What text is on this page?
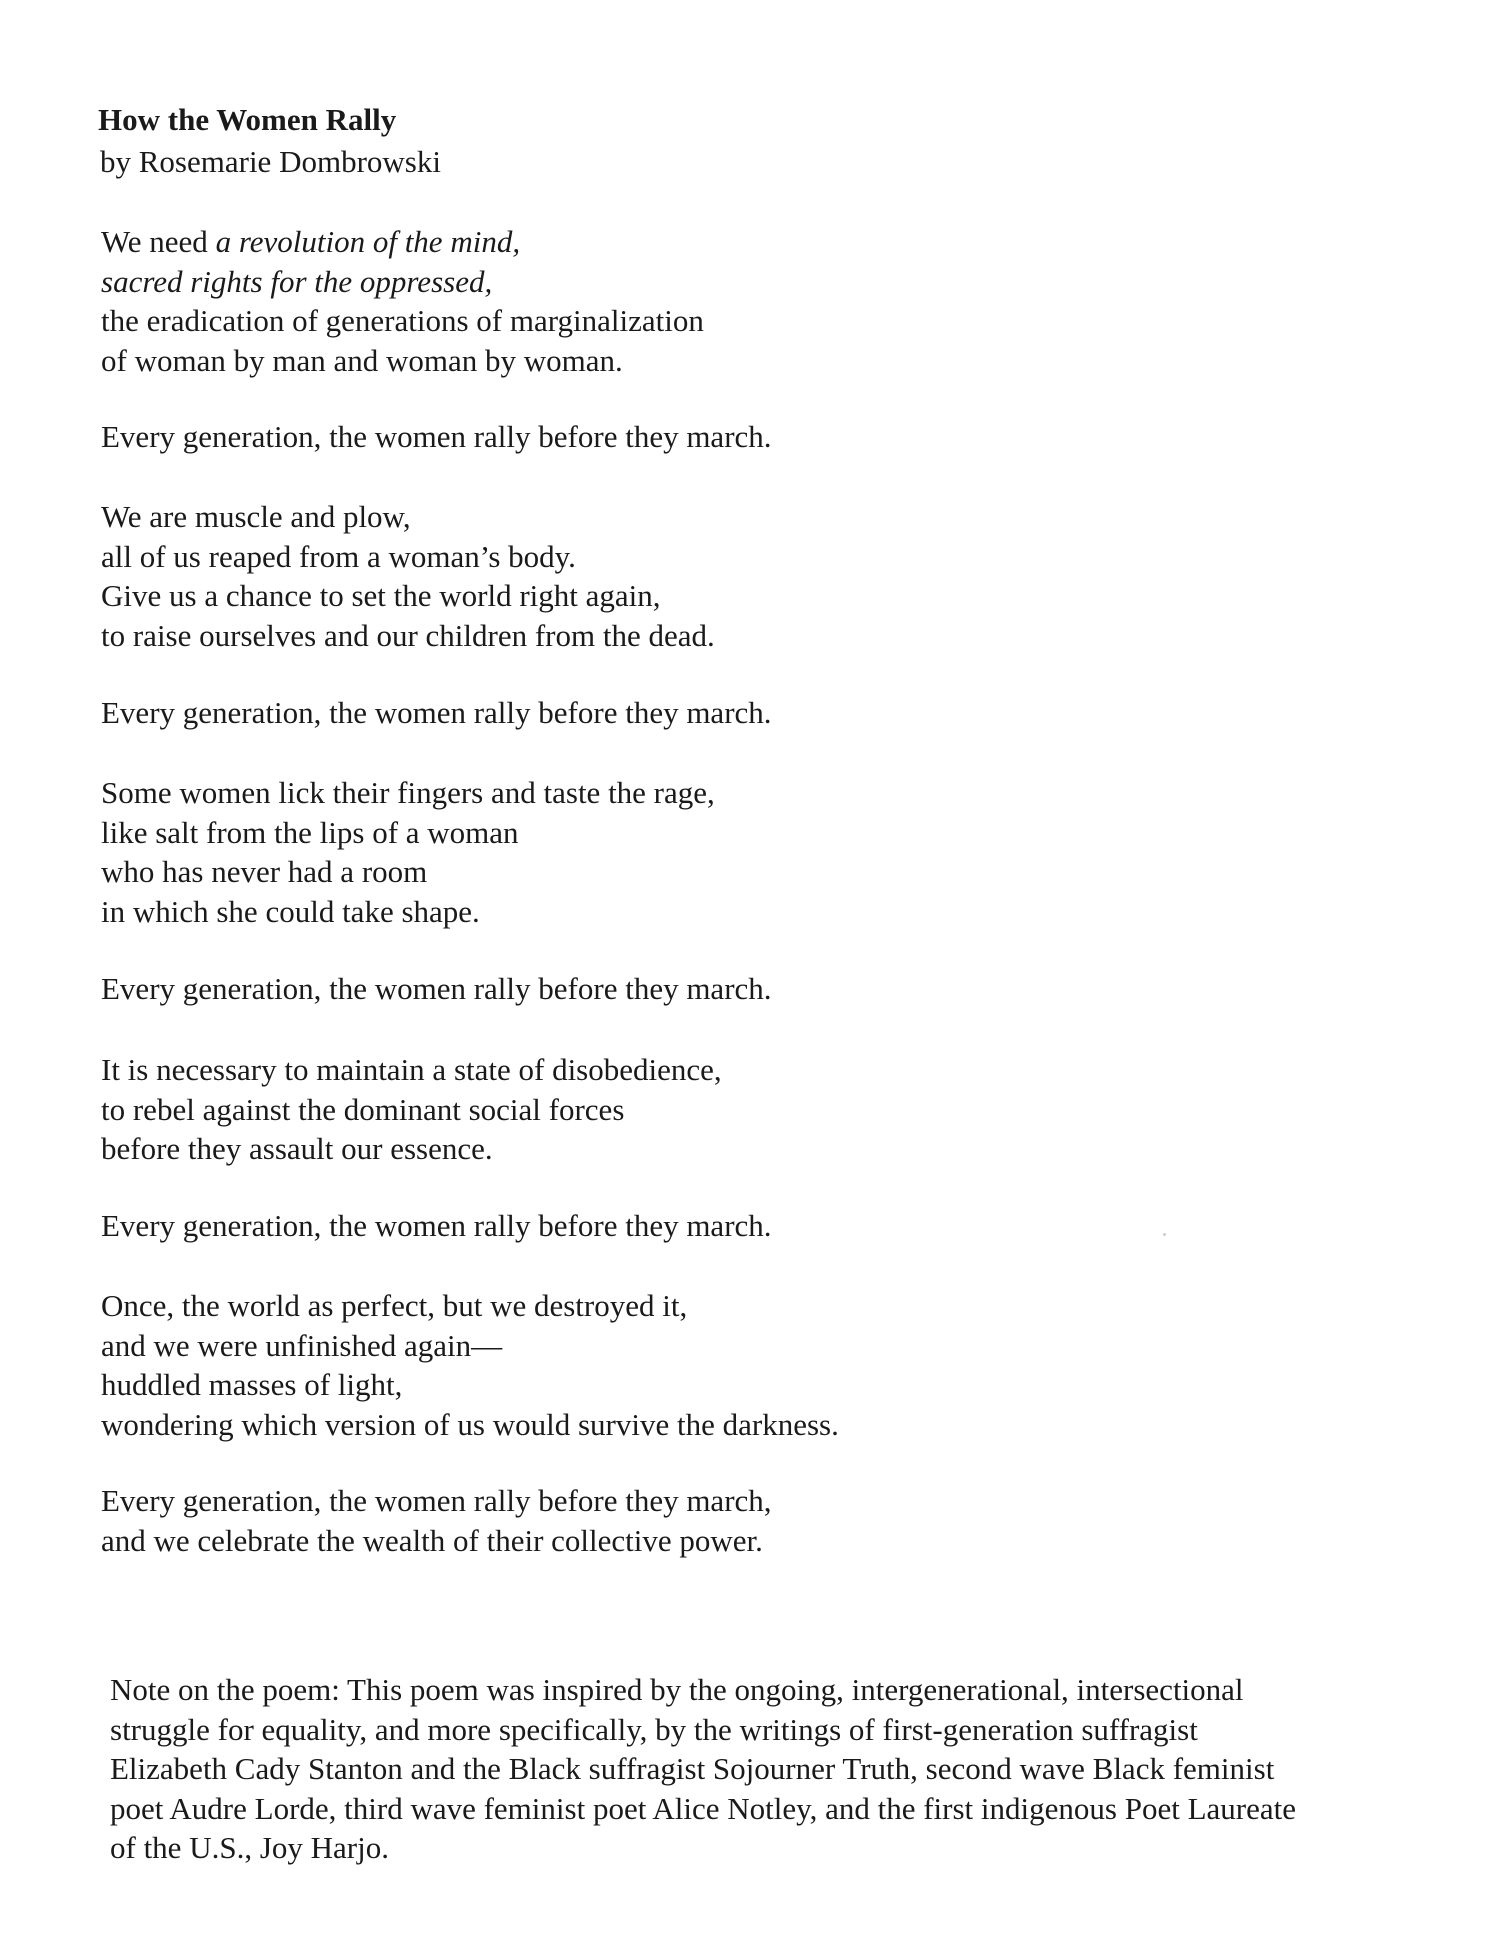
How the Women Rally
by Rosemarie Dombrowski
We need a revolution of the mind,
sacred rights for the oppressed,
the eradication of generations of marginalization
of woman by man and woman by woman.
Every generation, the women rally before they march.
We are muscle and plow,
all of us reaped from a woman’s body.
Give us a chance to set the world right again,
to raise ourselves and our children from the dead.
Every generation, the women rally before they march.
Some women lick their fingers and taste the rage,
like salt from the lips of a woman
who has never had a room
in which she could take shape.
Every generation, the women rally before they march.
It is necessary to maintain a state of disobedience,
to rebel against the dominant social forces
before they assault our essence.
Every generation, the women rally before they march.
Once, the world as perfect, but we destroyed it,
and we were unfinished again—
huddled masses of light,
wondering which version of us would survive the darkness.
Every generation, the women rally before they march,
and we celebrate the wealth of their collective power.
Note on the poem: This poem was inspired by the ongoing, intergenerational, intersectional
struggle for equality, and more specifically, by the writings of first-generation suffragist
Elizabeth Cady Stanton and the Black suffragist Sojourner Truth, second wave Black feminist
poet Audre Lorde, third wave feminist poet Alice Notley, and the first indigenous Poet Laureate
of the U.S., Joy Harjo.
